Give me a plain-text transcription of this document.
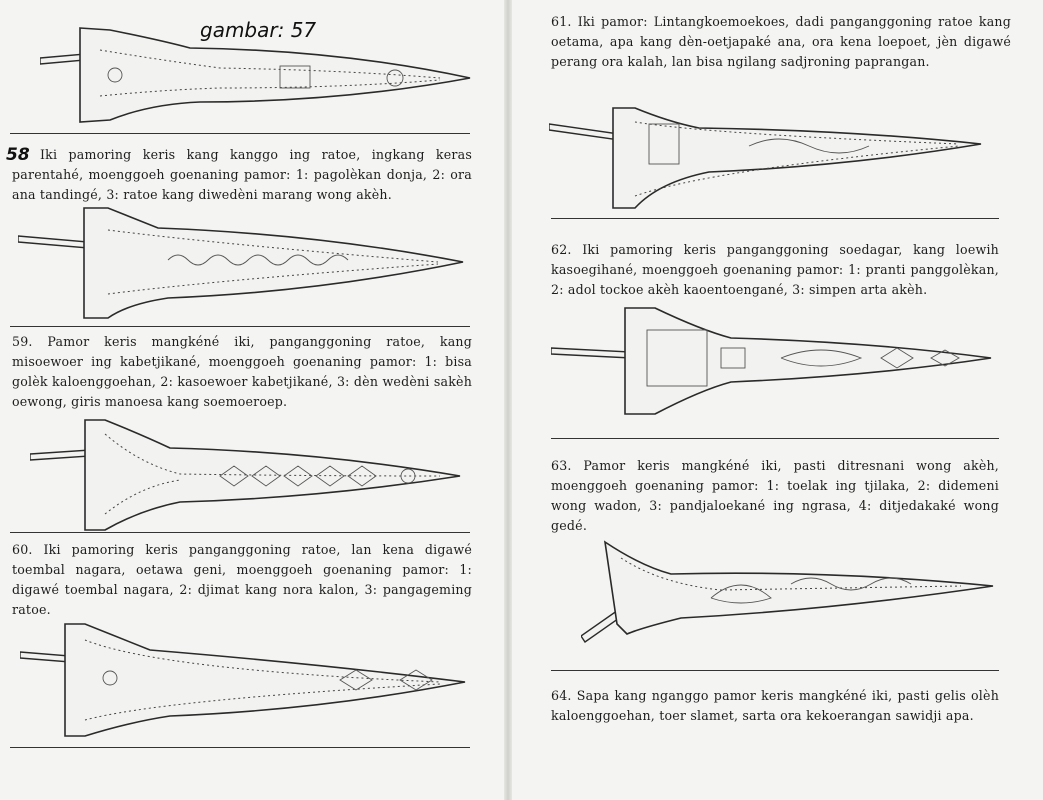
gambar: 57
58 Iki pamoring keris kang kanggo ing ratoe, ingkang keras parentahé, moenggoeh goenaning pamor: 1: pagolèkan donja, 2: ora ana tandingé, 3: ratoe kang diwedèni marang wong akèh.

59. Pamor keris mangkéné iki, panganggoning ratoe, kang misoewoer ing kabetjikané, moenggoeh goenaning pamor: 1: bisa golèk kaloenggoehan, 2: kasoewoer kabetjikané, 3: dèn wedèni sakèh oewong, giris manoesa kang soemoeroep.

60. Iki pamoring keris panganggoning ratoe, lan kena digawé toembal nagara, oetawa geni, moenggoeh goenaning pamor: 1: digawé toembal nagara, 2: djimat kang nora kalon, 3: pangageming ratoe.

61. Iki pamor: Lintangkoemoekoes, dadi panganggoning ratoe kang oetama, apa kang dèn-oetjapaké ana, ora kena loepoet, jèn digawé perang ora kalah, lan bisa ngilang sadjroning paprangan.

62. Iki pamoring keris panganggoning soedagar, kang loewih kasoegihané, moenggoeh goenaning pamor: 1: pranti panggolèkan, 2: adol tockoe akèh kaoentoengané, 3: simpen arta akèh.

63. Pamor keris mangkéné iki, pasti ditresnani wong akèh, moenggoeh goenaning pamor: 1: toelak ing tjilaka, 2: didemeni wong wadon, 3: pandjaloekané ing ngrasa, 4: ditjedakaké wong gedé.

64. Sapa kang nganggo pamor keris mangkéné iki, pasti gelis olèh kaloenggoehan, toer slamet, sarta ora kekoerangan sawidji apa.
